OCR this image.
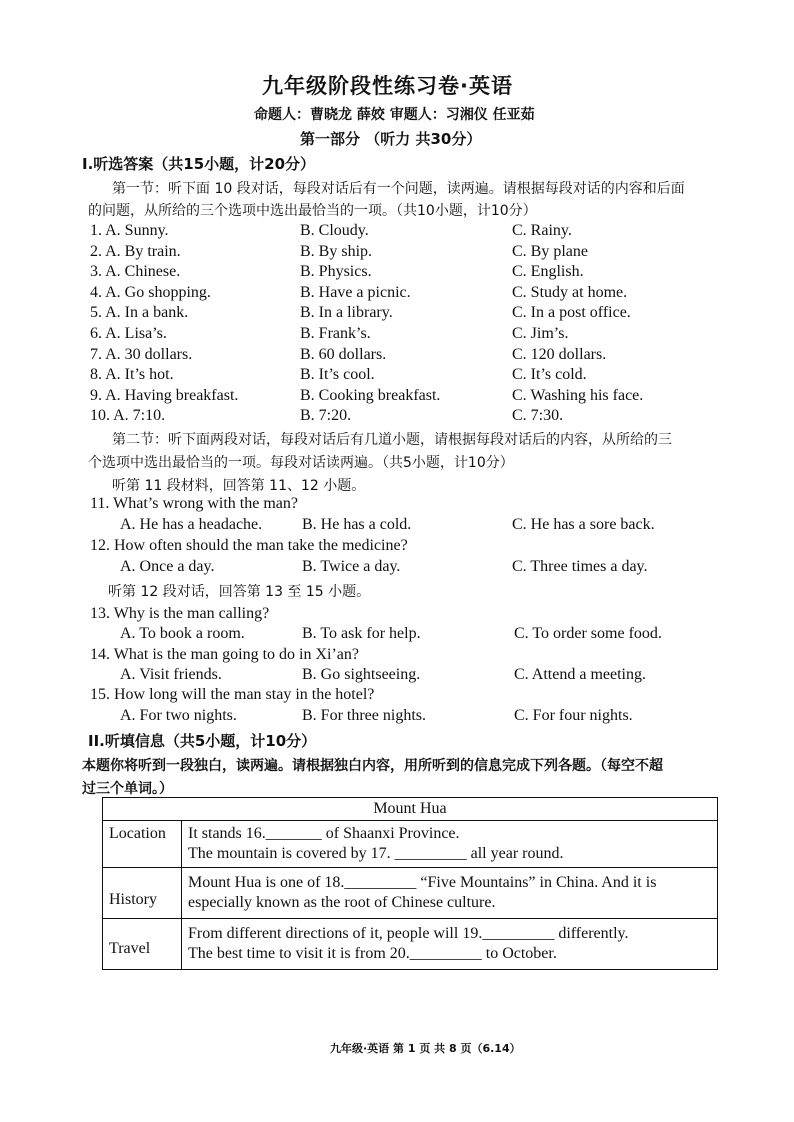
九年级阶段性练习卷·英语
命题人：曹晓龙 薛姣 审题人：习湘仪 任亚茹
第一部分 （听力 共30分）
I.听选答案（共15小题，计20分）
第一节：听下面 10 段对话，每段对话后有一个问题，读两遍。请根据每段对话的内容和后面
的问题，从所给的三个选项中选出最恰当的一项。（共10小题，计10分）
1. A. Sunny.	B. Cloudy.	C. Rainy.
2. A. By train.	B. By ship.	C. By plane
3. A. Chinese.	B. Physics.	C. English.
4. A. Go shopping.	B. Have a picnic.	C. Study at home.
5. A. In a bank.	B. In a library.	C. In a post office.
6. A. Lisa’s.	B. Frank’s.	C. Jim’s.
7. A. 30 dollars.	B. 60 dollars.	C. 120 dollars.
8. A. It’s hot.	B. It’s cool.	C. It’s cold.
9. A. Having breakfast.	B. Cooking breakfast.	C. Washing his face.
10. A. 7:10.	B. 7:20.	C. 7:30.
第二节：听下面两段对话，每段对话后有几道小题，请根据每段对话后的内容，从所给的三
个选项中选出最恰当的一项。每段对话读两遍。（共5小题，计10分）
听第 11 段材料，回答第 11、12 小题。
11. What’s wrong with the man?
A. He has a headache. B. He has a cold.	C. He has a sore back.
12. How often should the man take the medicine?
A. Once a day.	B. Twice a day.	C. Three times a day.
听第 12 段对话，回答第 13 至 15 小题。
13. Why is the man calling?
A. To book a room.	B. To ask for help.	C. To order some food.
14. What is the man going to do in Xi’an?
A. Visit friends.	B. Go sightseeing.	C. Attend a meeting.
15. How long will the man stay in the hotel?
A. For two nights.	B. For three nights.	C. For four nights.
II.听填信息（共5小题，计10分）
本题你将听到一段独白，读两遍。请根据独白内容，用所听到的信息完成下列各题。（每空不超
过三个单词。）
Mount Hua	
Location	It stands 16._______ of Shaanxi Province.
The mountain is covered by 17. _________ all year round.

History	Mount Hua is one of 18._________ “Five Mountains” in China. And it is
especially known as the root of Chinese culture.

Travel	From different directions of it, people will 19._________ differently.
The best time to visit it is from 20._________ to October.
九年级·英语 第 1 页 共 8 页（6.14）
